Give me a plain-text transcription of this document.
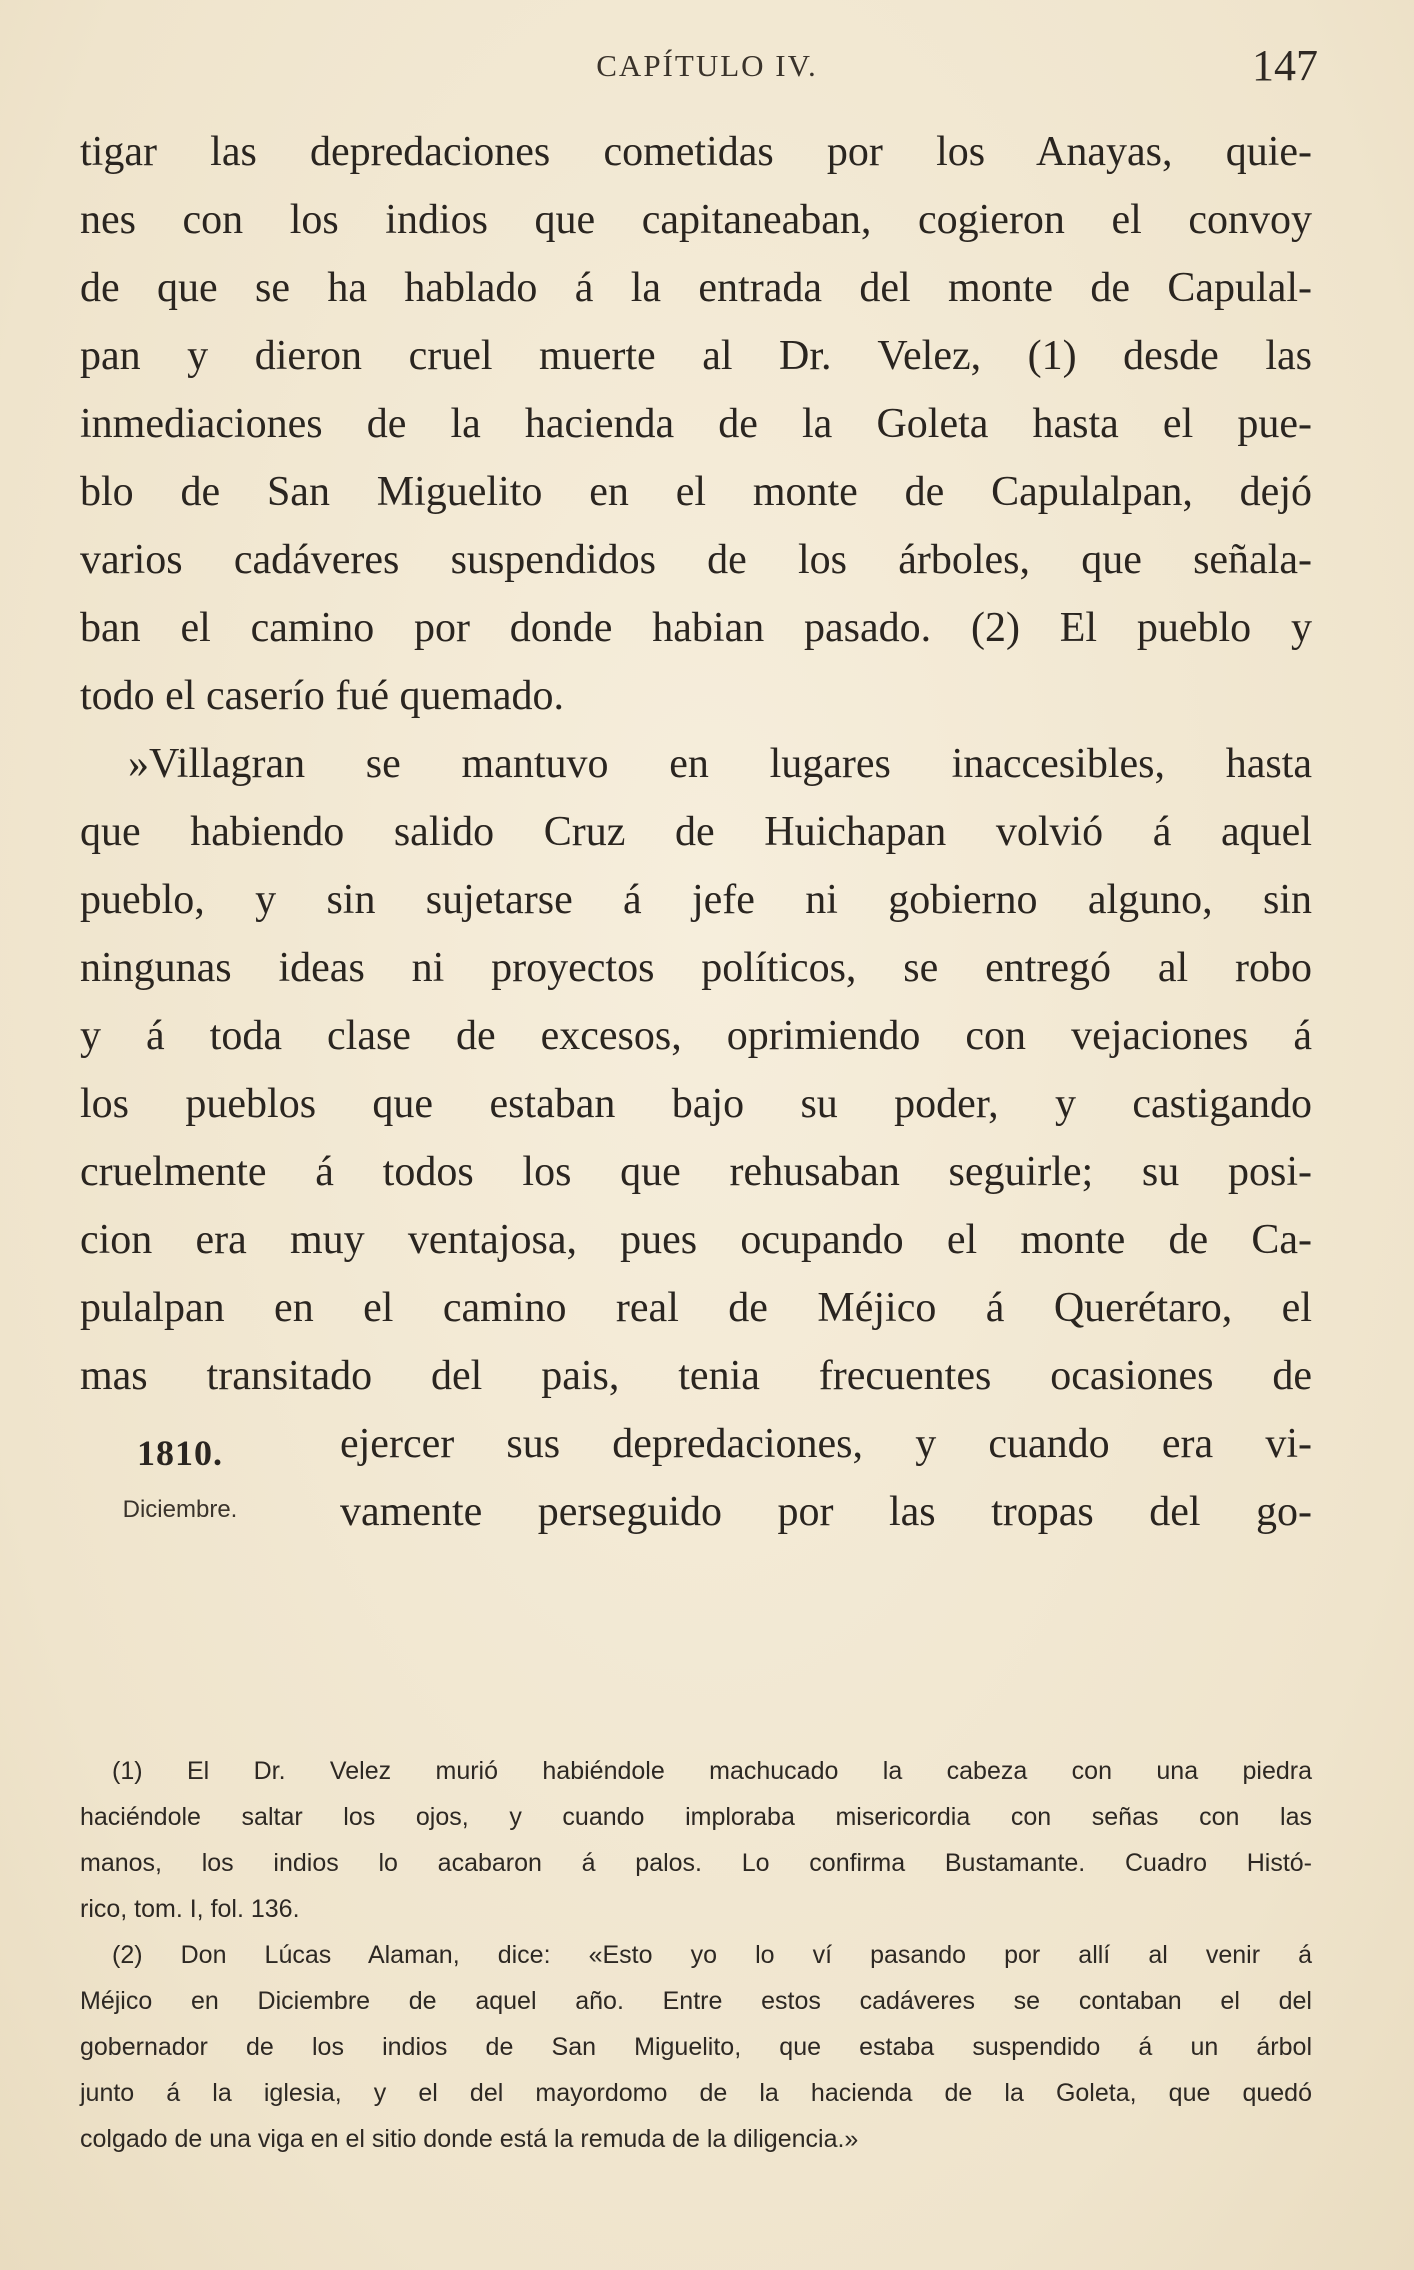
CAPÍTULO IV.	147
tigar las depredaciones cometidas por los Anayas, quie-
nes con los indios que capitaneaban, cogieron el convoy
de que se ha hablado á la entrada del monte de Capulal-
pan y dieron cruel muerte al Dr. Velez, (1) desde las
inmediaciones de la hacienda de la Goleta hasta el pue-
blo de San Miguelito en el monte de Capulalpan, dejó
varios cadáveres suspendidos de los árboles, que señala-
ban el camino por donde habian pasado. (2) El pueblo y
todo el caserío fué quemado.
»Villagran se mantuvo en lugares inaccesibles, hasta
que habiendo salido Cruz de Huichapan volvió á aquel
pueblo, y sin sujetarse á jefe ni gobierno alguno, sin
ningunas ideas ni proyectos políticos, se entregó al robo
y á toda clase de excesos, oprimiendo con vejaciones á
los pueblos que estaban bajo su poder, y castigando
cruelmente á todos los que rehusaban seguirle; su posi-
cion era muy ventajosa, pues ocupando el monte de Ca-
pulalpan en el camino real de Méjico á Querétaro, el
mas transitado del pais, tenia frecuentes ocasiones de
1810.
Diciembre.
ejercer sus depredaciones, y cuando era vi-
vamente perseguido por las tropas del go-
(1) El Dr. Velez murió habiéndole machucado la cabeza con una piedra
haciéndole saltar los ojos, y cuando imploraba misericordia con señas con las
manos, los indios lo acabaron á palos. Lo confirma Bustamante. Cuadro Histó-
rico, tom. I, fol. 136.
(2) Don Lúcas Alaman, dice: «Esto yo lo ví pasando por allí al venir á
Méjico en Diciembre de aquel año. Entre estos cadáveres se contaban el del
gobernador de los indios de San Miguelito, que estaba suspendido á un árbol
junto á la iglesia, y el del mayordomo de la hacienda de la Goleta, que quedó
colgado de una viga en el sitio donde está la remuda de la diligencia.»
